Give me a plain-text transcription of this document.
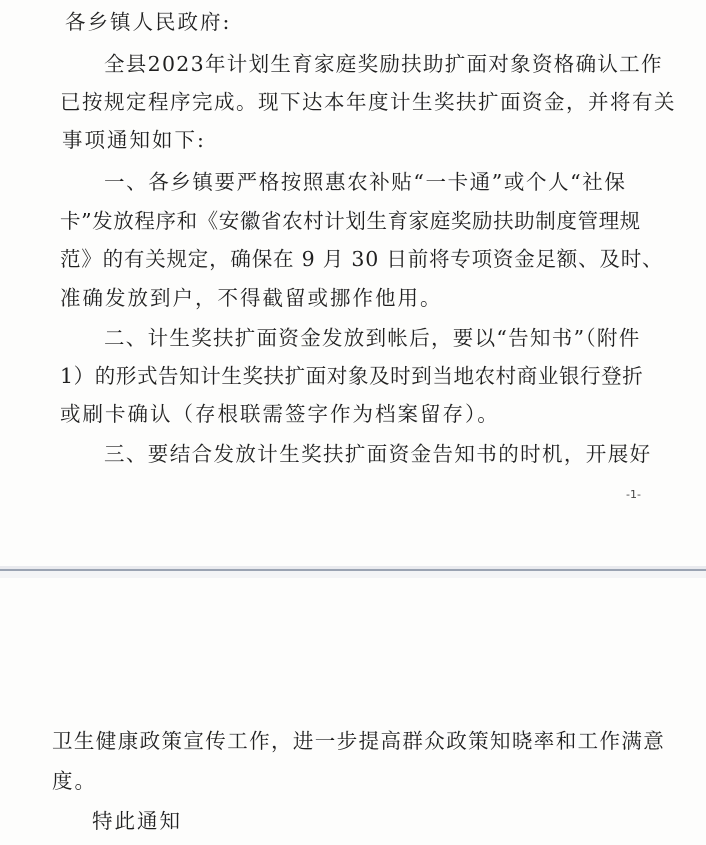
各乡镇人民政府:
全县2023年计划生育家庭奖励扶助扩面对象资格确认工作
已按规定程序完成。现下达本年度计生奖扶扩面资金，并将有关
事项通知如下:
一、各乡镇要严格按照惠农补贴“一卡通”或个人“社保
卡”发放程序和《安徽省农村计划生育家庭奖励扶助制度管理规
范》的有关规定，确保在 9 月 30 日前将专项资金足额、及时、
准确发放到户，不得截留或挪作他用。
二、计生奖扶扩面资金发放到帐后，要以“告知书”（附件
1）的形式告知计生奖扶扩面对象及时到当地农村商业银行登折
或刷卡确认（存根联需签字作为档案留存）。
三、要结合发放计生奖扶扩面资金告知书的时机，开展好
-1-
卫生健康政策宣传工作，进一步提高群众政策知晓率和工作满意
度。
特此通知
